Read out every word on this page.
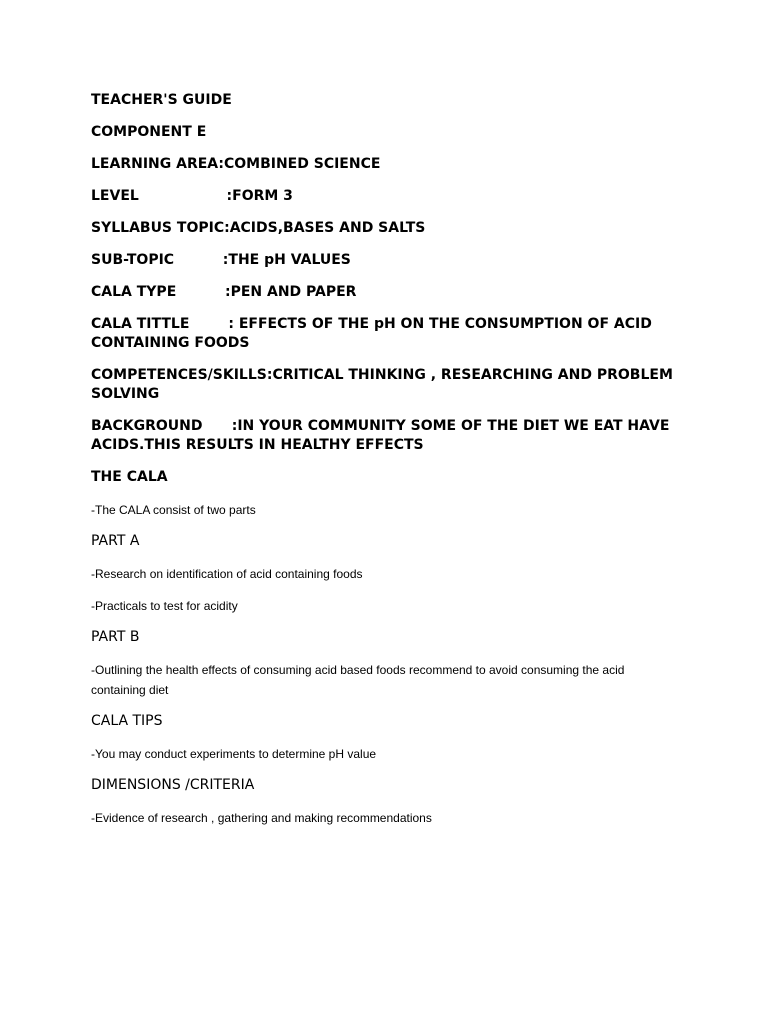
TEACHER'S GUIDE

COMPONENT E

LEARNING AREA:COMBINED SCIENCE

LEVEL                  :FORM 3

SYLLABUS TOPIC:ACIDS,BASES AND SALTS

SUB-TOPIC          :THE pH VALUES

CALA TYPE          :PEN AND PAPER

CALA TITTLE        : EFFECTS OF THE pH ON THE CONSUMPTION OF ACID CONTAINING FOODS

COMPETENCES/SKILLS:CRITICAL THINKING , RESEARCHING AND PROBLEM SOLVING

BACKGROUND      :IN YOUR COMMUNITY SOME OF THE DIET WE EAT HAVE ACIDS.THIS RESULTS IN HEALTHY EFFECTS

THE CALA

-The CALA consist of two parts

PART A

-Research on identification of acid containing foods

-Practicals to test for acidity

PART B

-Outlining the health effects of consuming acid based foods recommend to avoid consuming the acid containing diet

CALA TIPS

-You may conduct experiments to determine pH value

DIMENSIONS /CRITERIA

-Evidence of research , gathering and making recommendations
